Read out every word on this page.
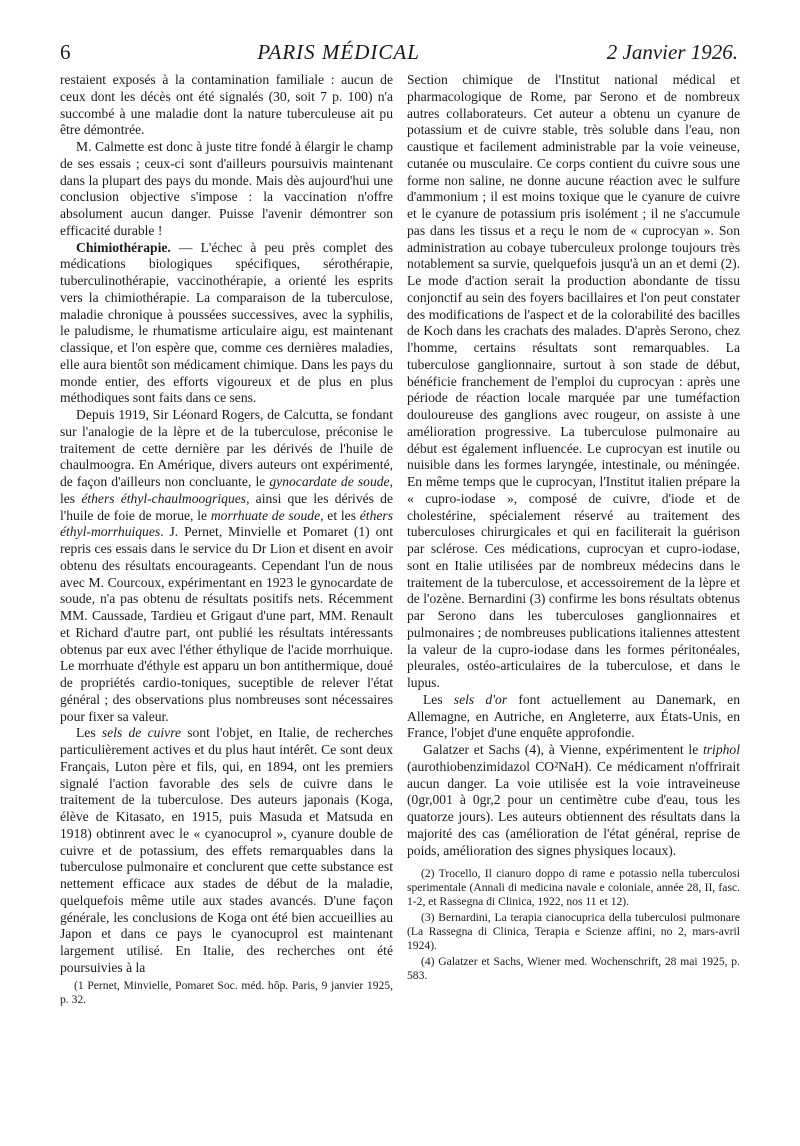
6	PARIS MÉDICAL	2 Janvier 1926.

restaient exposés à la contamination familiale : aucun de ceux dont les décès ont été signalés (30, soit 7 p. 100) n'a succombé à une maladie dont la nature tuberculeuse ait pu être démontrée.

M. Calmette est donc à juste titre fondé à élargir le champ de ses essais ; ceux-ci sont d'ailleurs poursuivis maintenant dans la plupart des pays du monde. Mais dès aujourd'hui une conclusion objective s'impose : la vaccination n'offre absolument aucun danger. Puisse l'avenir démontrer son efficacité durable !

Chimiothérapie. — L'échec à peu près complet des médications biologiques spécifiques, sérothérapie, tuberculinothérapie, vaccinothérapie, a orienté les esprits vers la chimiothérapie. La comparaison de la tuberculose, maladie chronique à poussées successives, avec la syphilis, le paludisme, le rhumatisme articulaire aigu, est maintenant classique, et l'on espère que, comme ces dernières maladies, elle aura bientôt son médicament chimique. Dans les pays du monde entier, des efforts vigoureux et de plus en plus méthodiques sont faits dans ce sens.

Depuis 1919, Sir Léonard Rogers, de Calcutta, se fondant sur l'analogie de la lèpre et de la tuberculose, préconise le traitement de cette dernière par les dérivés de l'huile de chaulmoogra. En Amérique, divers auteurs ont expérimenté, de façon d'ailleurs non concluante, le gynocardate de soude, les éthers éthyl-chaulmoogriques, ainsi que les dérivés de l'huile de foie de morue, le morrhuate de soude, et les éthers éthyl-morrhuiques. J. Pernet, Minvielle et Pomaret (1) ont repris ces essais dans le service du Dr Lion et disent en avoir obtenu des résultats encourageants. Cependant l'un de nous avec M. Courcoux, expérimentant en 1923 le gynocardate de soude, n'a pas obtenu de résultats positifs nets. Récemment MM. Caussade, Tardieu et Grigaut d'une part, MM. Renault et Richard d'autre part, ont publié les résultats intéressants obtenus par eux avec l'éther éthylique de l'acide morrhuique. Le morrhuate d'éthyle est apparu un bon antithermique, doué de propriétés cardio-toniques, suceptible de relever l'état général ; des observations plus nombreuses sont nécessaires pour fixer sa valeur.

Les sels de cuivre sont l'objet, en Italie, de recherches particulièrement actives et du plus haut intérêt. Ce sont deux Français, Luton père et fils, qui, en 1894, ont les premiers signalé l'action favorable des sels de cuivre dans le traitement de la tuberculose. Des auteurs japonais (Koga, élève de Kitasato, en 1915, puis Masuda et Matsuda en 1918) obtinrent avec le « cyanocuprol », cyanure double de cuivre et de potassium, des effets remarquables dans la tuberculose pulmonaire et conclurent que cette substance est nettement efficace aux stades de début de la maladie, quelquefois même utile aux stades avancés. D'une façon générale, les conclusions de Koga ont été bien accueillies au Japon et dans ce pays le cyanocuprol est maintenant largement utilisé. En Italie, des recherches ont été poursuivies à la

(1 Pernet, Minvielle, Pomaret Soc. méd. hôp. Paris, 9 janvier 1925, p. 32.

Section chimique de l'Institut national médical et pharmacologique de Rome, par Serono et de nombreux autres collaborateurs. Cet auteur a obtenu un cyanure de potassium et de cuivre stable, très soluble dans l'eau, non caustique et facilement administrable par la voie veineuse, cutanée ou musculaire. Ce corps contient du cuivre sous une forme non saline, ne donne aucune réaction avec le sulfure d'ammonium ; il est moins toxique que le cyanure de cuivre et le cyanure de potassium pris isolément ; il ne s'accumule pas dans les tissus et a reçu le nom de « cuprocyan ». Son administration au cobaye tuberculeux prolonge toujours très notablement sa survie, quelquefois jusqu'à un an et demi (2). Le mode d'action serait la production abondante de tissu conjonctif au sein des foyers bacillaires et l'on peut constater des modifications de l'aspect et de la colorabilité des bacilles de Koch dans les crachats des malades. D'après Serono, chez l'homme, certains résultats sont remarquables. La tuberculose ganglionnaire, surtout à son stade de début, bénéficie franchement de l'emploi du cuprocyan : après une période de réaction locale marquée par une tuméfaction douloureuse des ganglions avec rougeur, on assiste à une amélioration progressive. La tuberculose pulmonaire au début est également influencée. Le cuprocyan est inutile ou nuisible dans les formes laryngée, intestinale, ou méningée. En même temps que le cuprocyan, l'Institut italien prépare la « cupro-iodase », composé de cuivre, d'iode et de cholestérine, spécialement réservé au traitement des tuberculoses chirurgicales et qui en faciliterait la guérison par sclérose. Ces médications, cuprocyan et cupro-iodase, sont en Italie utilisées par de nombreux médecins dans le traitement de la tuberculose, et accessoirement de la lèpre et de l'ozène. Bernardini (3) confirme les bons résultats obtenus par Serono dans les tuberculoses ganglionnaires et pulmonaires ; de nombreuses publications italiennes attestent la valeur de la cupro-iodase dans les formes péritonéales, pleurales, ostéo-articulaires de la tuberculose, et dans le lupus.

Les sels d'or font actuellement au Danemark, en Allemagne, en Autriche, en Angleterre, aux États-Unis, en France, l'objet d'une enquête approfondie.

Galatzer et Sachs (4), à Vienne, expérimentent le triphol (aurothiobenzimidazol CO²NaH). Ce médicament n'offrirait aucun danger. La voie utilisée est la voie intraveineuse (0gr,001 à 0gr,2 pour un centimètre cube d'eau, tous les quatorze jours). Les auteurs obtiennent des résultats dans la majorité des cas (amélioration de l'état général, reprise de poids, amélioration des signes physiques locaux).

(2) Trocello, Il cianuro doppo di rame e potassio nella tuberculosi sperimentale (Annali di medicina navale e coloniale, année 28, II, fasc. 1-2, et Rassegna di Clinica, 1922, nos 11 et 12).

(3) Bernardini, La terapia cianocuprica della tuberculosi pulmonare (La Rassegna di Clinica, Terapia e Scienze affini, no 2, mars-avril 1924).

(4) Galatzer et Sachs, Wiener med. Wochenschrift, 28 mai 1925, p. 583.
